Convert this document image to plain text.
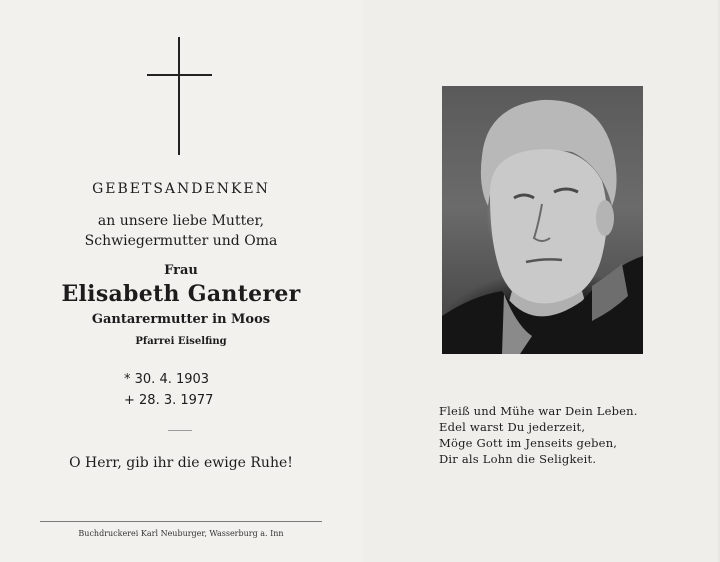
GEBETSANDENKEN
an unsere liebe Mutter,
Schwiegermutter und Oma
Frau
Elisabeth Ganterer
Gantarermutter in Moos
Pfarrei Eiselfing
* 30. 4. 1903
+ 28. 3. 1977
O Herr, gib ihr die ewige Ruhe!
Buchdruckerei Karl Neuburger, Wasserburg a. Inn
Fleiß und Mühe war Dein Leben.
Edel warst Du jederzeit,
Möge Gott im Jenseits geben,
Dir als Lohn die Seligkeit.
